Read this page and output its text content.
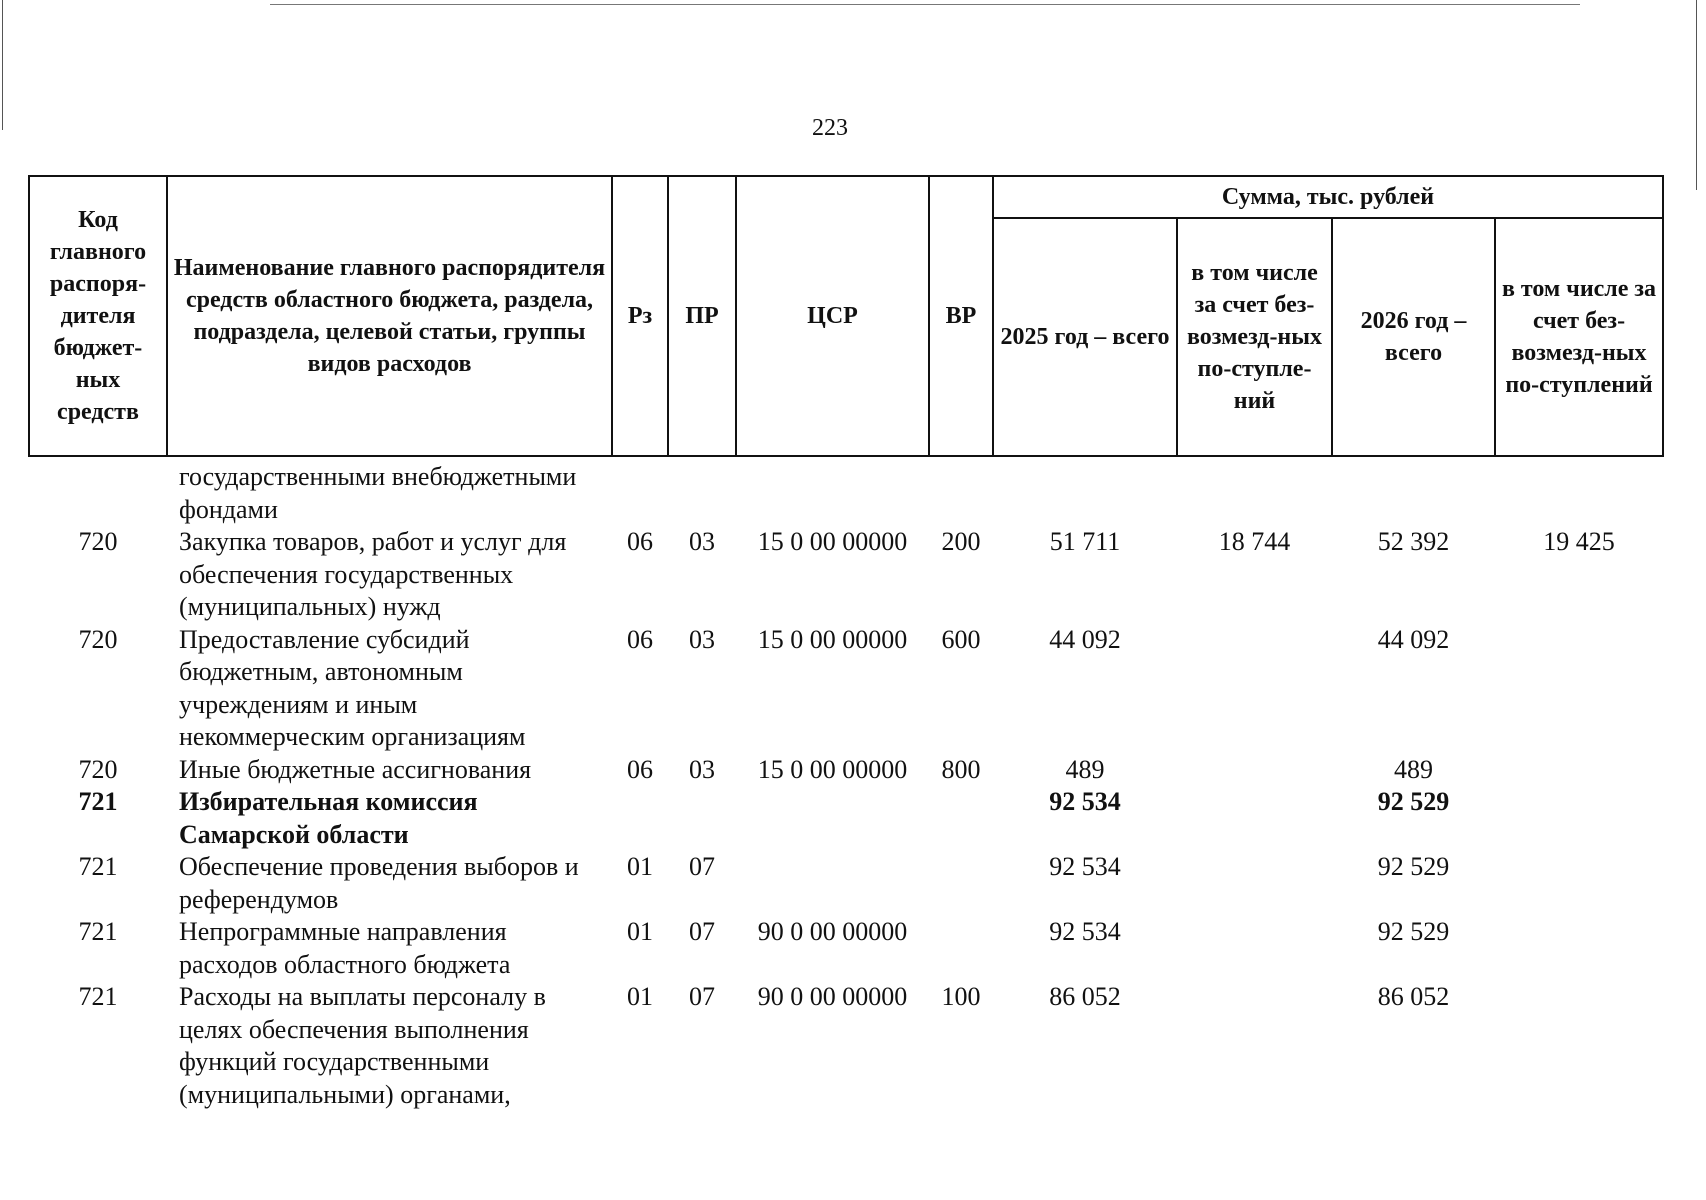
223
Код главного распоря-дителя бюджет-ных средств	Наименование главного распорядителя средств областного бюджета, раздела, подраздела, целевой статьи, группы видов расходов	Рз	ПР	ЦСР	ВР	Сумма, тыс. рублей			
						2025 год – всего	в том числе за счет без-возмезд-ных по-ступле-ний	2026 год – всего	в том числе за счет без-возмезд-ных по-ступлений
	государственными внебюджетными фондами								
720	Закупка товаров, работ и услуг для обеспечения государственных (муниципальных) нужд	06	03	15 0 00 00000	200	51 711	18 744	52 392	19 425
720	Предоставление субсидий бюджетным, автономным учреждениям и иным некоммерческим организациям	06	03	15 0 00 00000	600	44 092		44 092	
720	Иные бюджетные ассигнования	06	03	15 0 00 00000	800	489		489	
721	Избирательная комиссия Самарской области					92 534		92 529	
721	Обеспечение проведения выборов и референдумов	01	07			92 534		92 529	
721	Непрограммные направления расходов областного бюджета	01	07	90 0 00 00000		92 534		92 529	
721	Расходы на выплаты персоналу в целях обеспечения выполнения функций государственными (муниципальными) органами,	01	07	90 0 00 00000	100	86 052		86 052	
